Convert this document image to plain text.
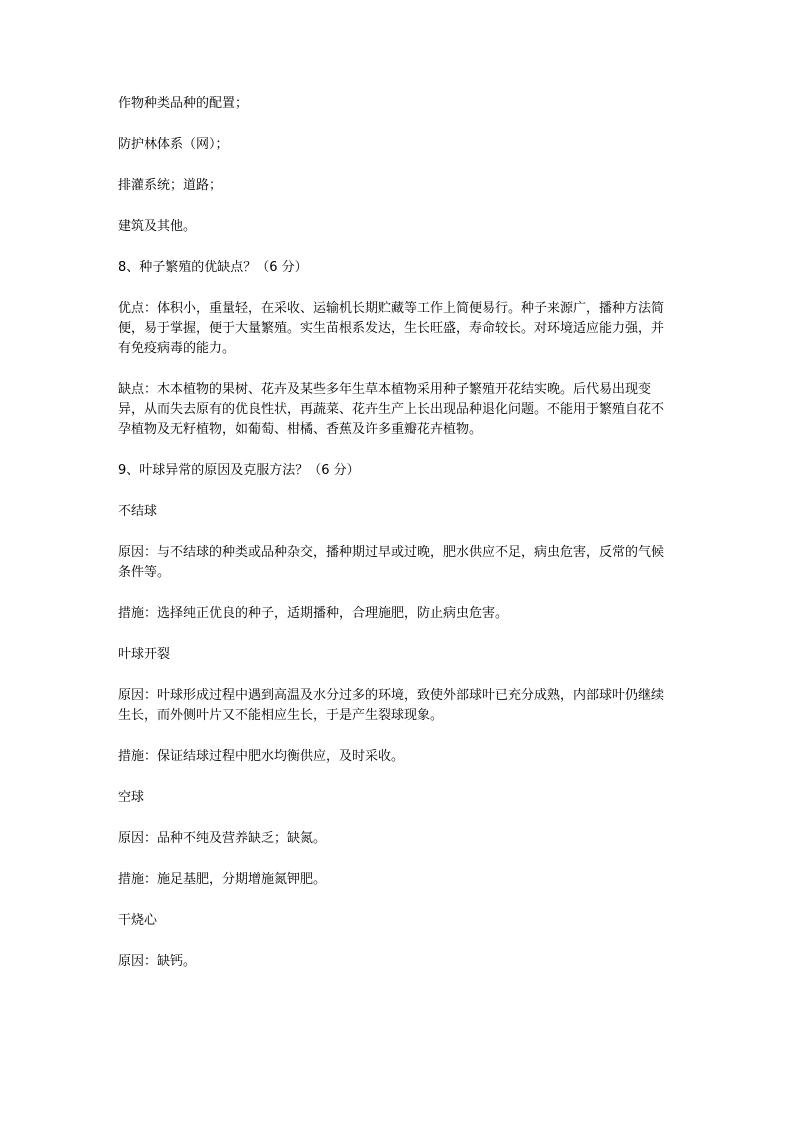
作物种类品种的配置；

防护林体系（网）；

排灌系统；道路；

建筑及其他。

8、种子繁殖的优缺点？（6 分）

优点：体积小，重量轻，在采收、运输机长期贮藏等工作上简便易行。种子来源广，播种方法简便，易于掌握，便于大量繁殖。实生苗根系发达，生长旺盛，寿命较长。对环境适应能力强，并有免疫病毒的能力。

缺点：木本植物的果树、花卉及某些多年生草本植物采用种子繁殖开花结实晚。后代易出现变异，从而失去原有的优良性状，再蔬菜、花卉生产上长出现品种退化问题。不能用于繁殖自花不孕植物及无籽植物，如葡萄、柑橘、香蕉及许多重瓣花卉植物。

9、叶球异常的原因及克服方法？（6 分）

不结球

原因：与不结球的种类或品种杂交，播种期过早或过晚，肥水供应不足，病虫危害，反常的气候条件等。

措施：选择纯正优良的种子，适期播种，合理施肥，防止病虫危害。

叶球开裂

原因：叶球形成过程中遇到高温及水分过多的环境，致使外部球叶已充分成熟，内部球叶仍继续生长，而外侧叶片又不能相应生长，于是产生裂球现象。

措施：保证结球过程中肥水均衡供应，及时采收。

空球

原因：品种不纯及营养缺乏；缺氮。

措施：施足基肥，分期增施氮钾肥。

干烧心

原因：缺钙。
